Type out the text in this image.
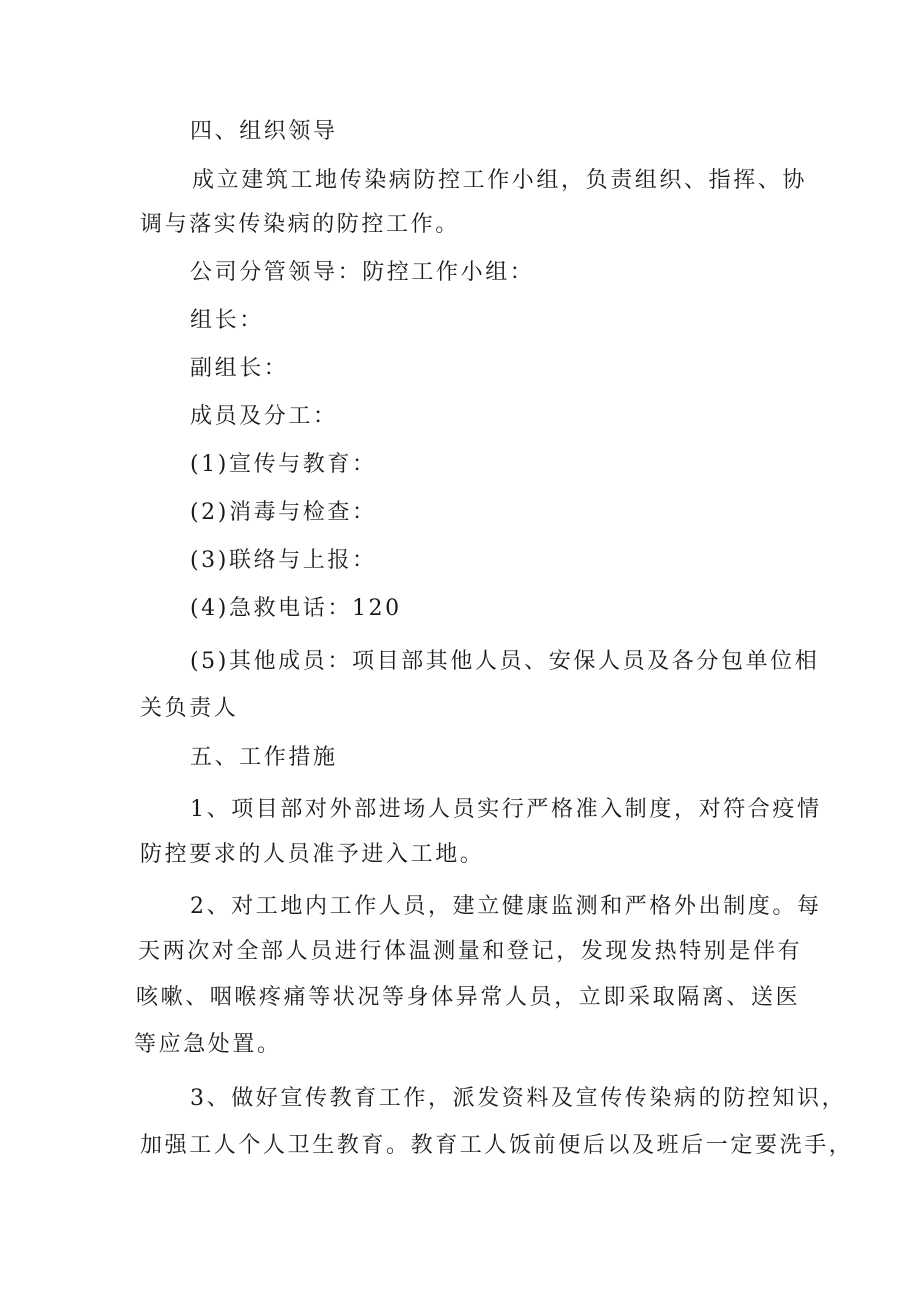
四、组织领导
成立建筑工地传染病防控工作小组，负责组织、指挥、协
调与落实传染病的防控工作。
公司分管领导：防控工作小组：
组长：
副组长：
成员及分工：
(1)宣传与教育：
(2)消毒与检查：
(3)联络与上报：
(4)急救电话：120
(5)其他成员：项目部其他人员、安保人员及各分包单位相
关负责人
五、工作措施
1、项目部对外部进场人员实行严格准入制度，对符合疫情
防控要求的人员准予进入工地。
2、对工地内工作人员，建立健康监测和严格外出制度。每
天两次对全部人员进行体温测量和登记，发现发热特别是伴有
咳嗽、咽喉疼痛等状况等身体异常人员，立即采取隔离、送医
等应急处置。
3、做好宣传教育工作，派发资料及宣传传染病的防控知识，
加强工人个人卫生教育。教育工人饭前便后以及班后一定要洗手，
